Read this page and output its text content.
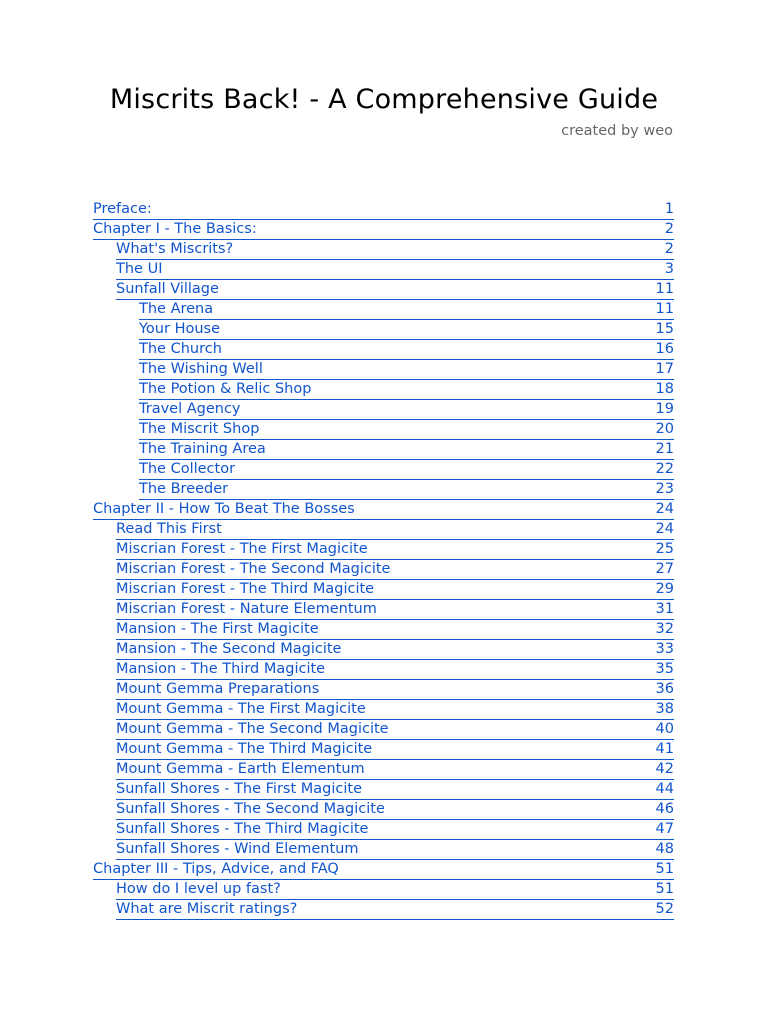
Miscrits Back! - A Comprehensive Guide

created by weo

Preface:	1
Chapter I - The Basics:	2
What's Miscrits?	2
The UI	3
Sunfall Village	11
The Arena	11
Your House	15
The Church	16
The Wishing Well	17
The Potion & Relic Shop	18
Travel Agency	19
The Miscrit Shop	20
The Training Area	21
The Collector	22
The Breeder	23
Chapter II - How To Beat The Bosses	24
Read This First	24
Miscrian Forest - The First Magicite	25
Miscrian Forest - The Second Magicite	27
Miscrian Forest - The Third Magicite	29
Miscrian Forest - Nature Elementum	31
Mansion - The First Magicite	32
Mansion - The Second Magicite	33
Mansion - The Third Magicite	35
Mount Gemma Preparations	36
Mount Gemma - The First Magicite	38
Mount Gemma - The Second Magicite	40
Mount Gemma - The Third Magicite	41
Mount Gemma - Earth Elementum	42
Sunfall Shores - The First Magicite	44
Sunfall Shores - The Second Magicite	46
Sunfall Shores - The Third Magicite	47
Sunfall Shores - Wind Elementum	48
Chapter III - Tips, Advice, and FAQ	51
How do I level up fast?	51
What are Miscrit ratings?	52
